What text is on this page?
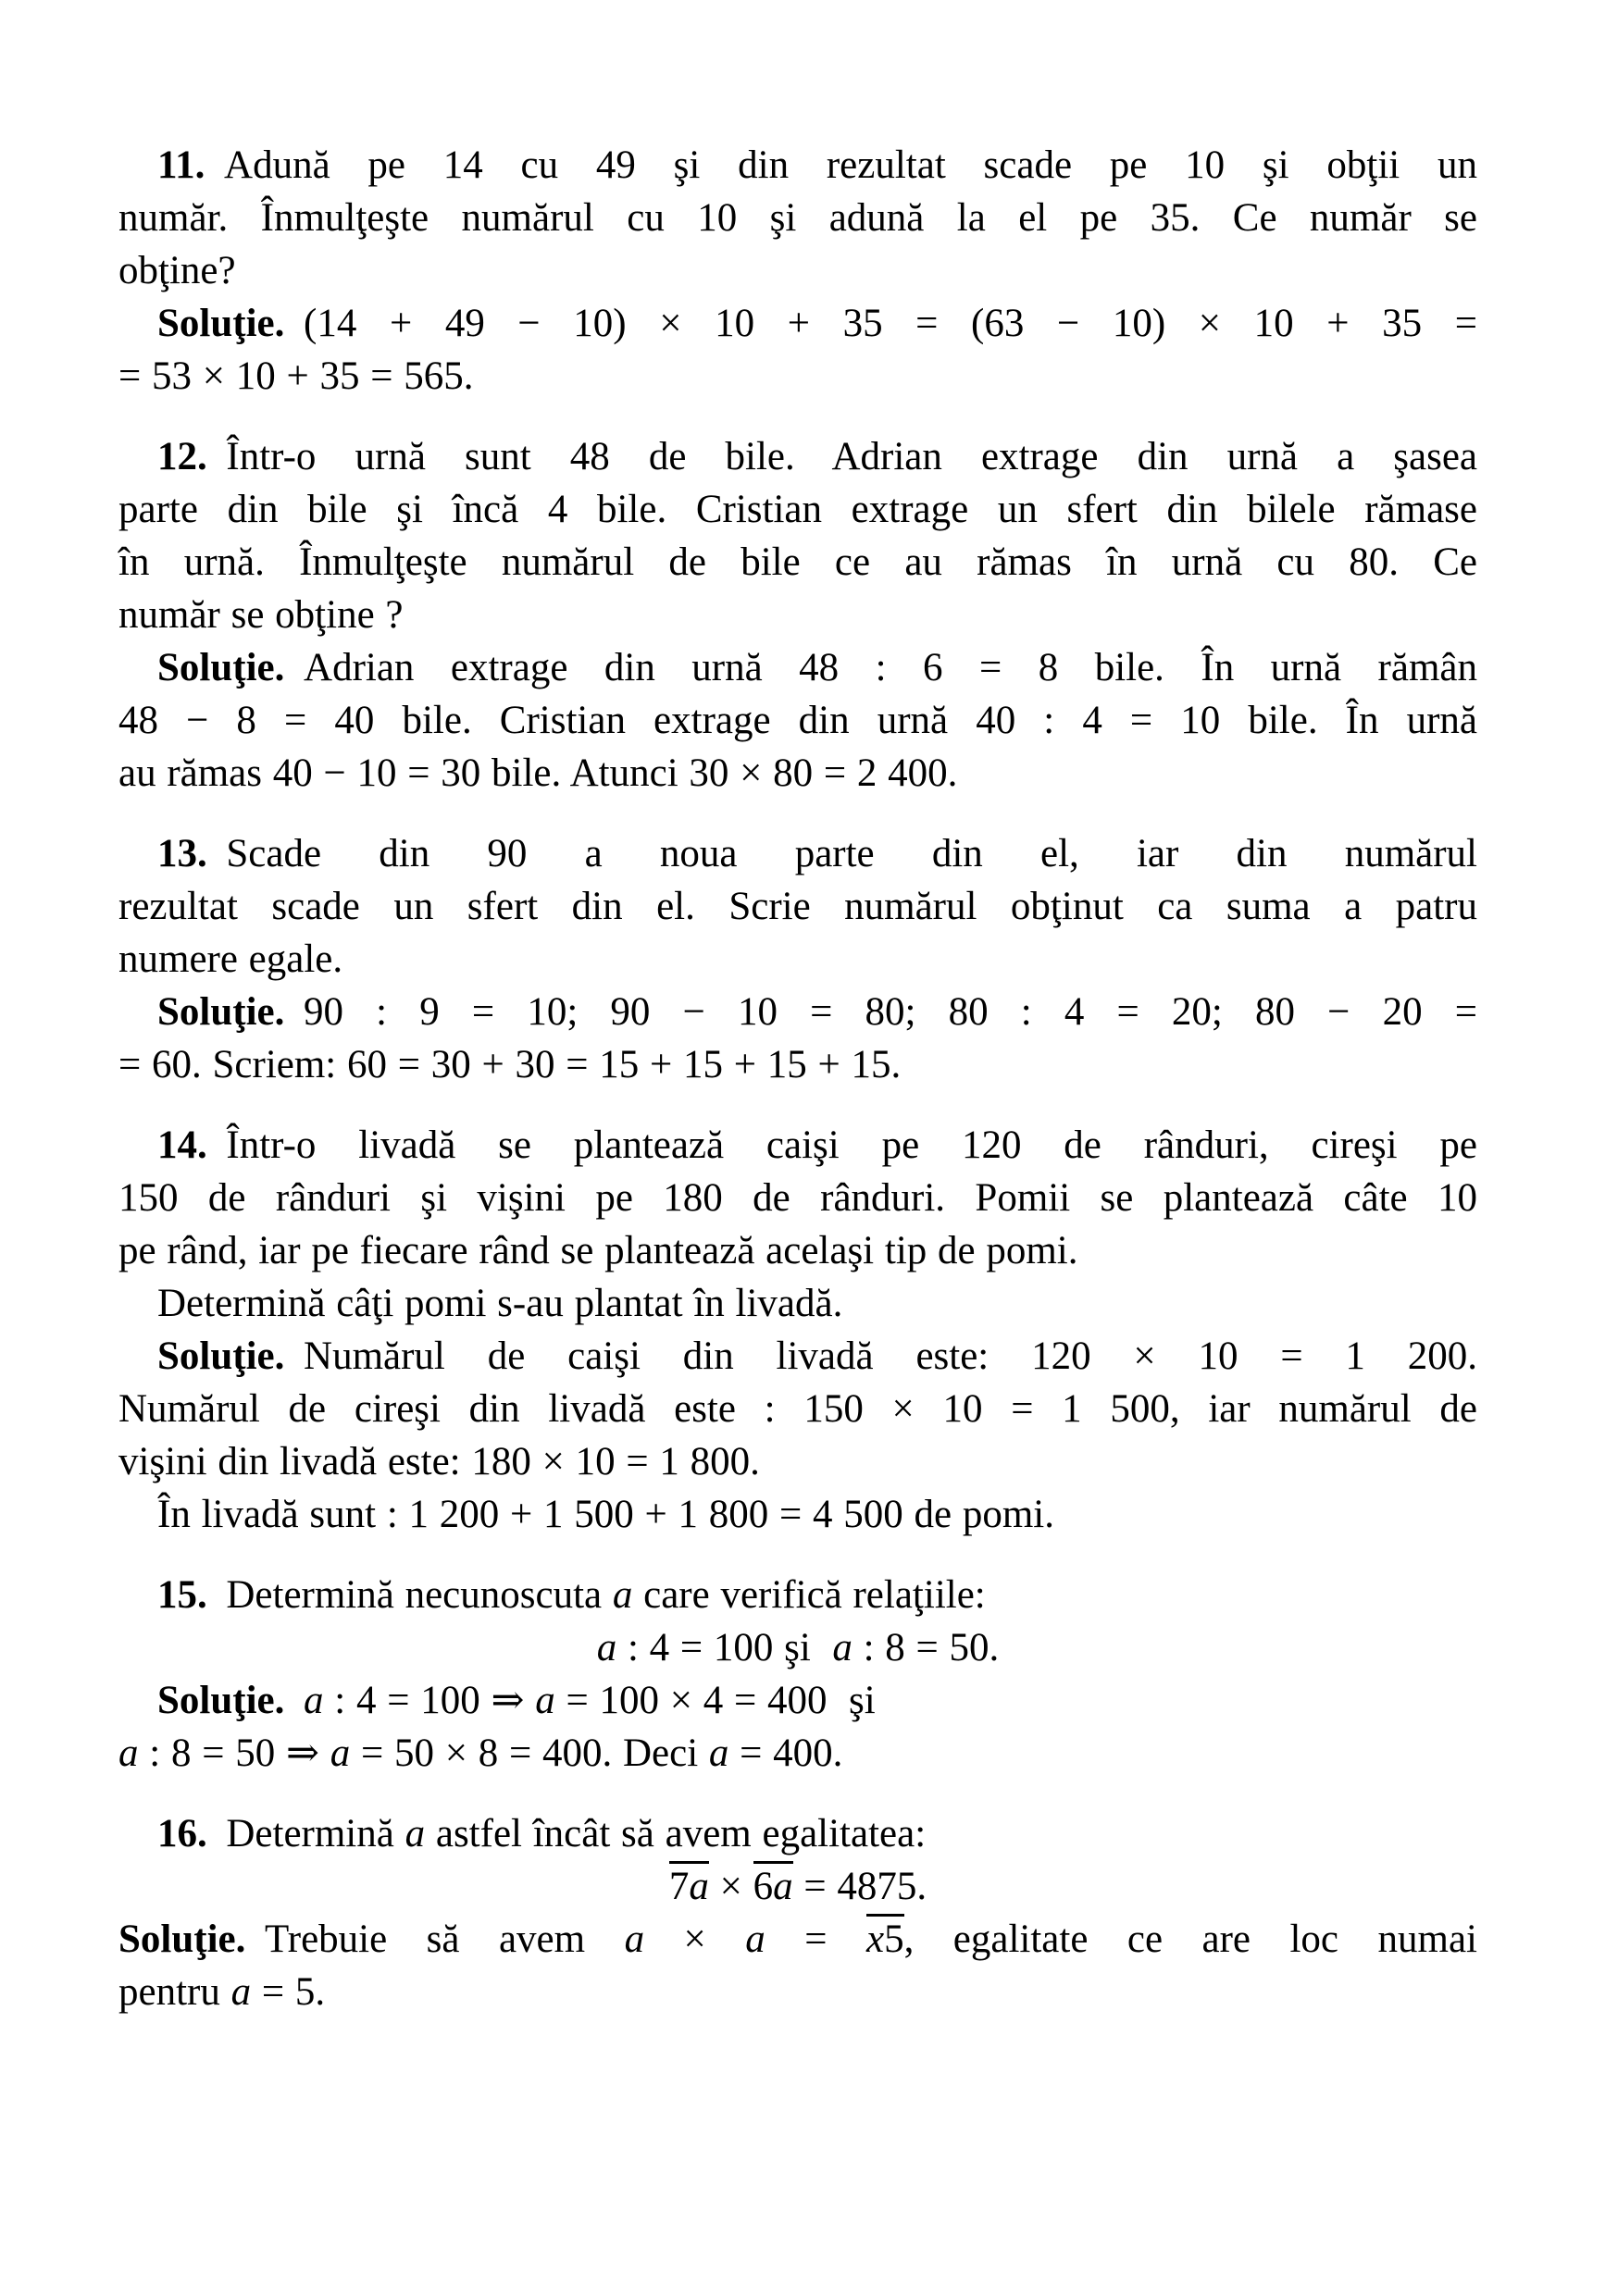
11. Adună pe 14 cu 49 şi din rezultat scade pe 10 şi obţii un
număr. Înmulţeşte numărul cu 10 şi adună la el pe 35. Ce număr se
obţine?
Soluţie. (14 + 49 − 10) × 10 + 35 = (63 − 10) × 10 + 35 =
= 53 × 10 + 35 = 565.
12. Într-o urnă sunt 48 de bile. Adrian extrage din urnă a şasea
parte din bile şi încă 4 bile. Cristian extrage un sfert din bilele rămase
în urnă. Înmulţeşte numărul de bile ce au rămas în urnă cu 80. Ce
număr se obţine ?
Soluţie. Adrian extrage din urnă 48 : 6 = 8 bile. În urnă rămân
48 − 8 = 40 bile. Cristian extrage din urnă 40 : 4 = 10 bile. În urnă
au rămas 40 − 10 = 30 bile. Atunci 30 × 80 = 2 400.
13. Scade din 90 a noua parte din el, iar din numărul
rezultat scade un sfert din el. Scrie numărul obţinut ca suma a patru
numere egale.
Soluţie. 90 : 9 = 10; 90 − 10 = 80; 80 : 4 = 20; 80 − 20 =
= 60. Scriem: 60 = 30 + 30 = 15 + 15 + 15 + 15.
14. Într-o livadă se plantează caişi pe 120 de rânduri, cireşi pe
150 de rânduri şi vişini pe 180 de rânduri. Pomii se plantează câte 10
pe rând, iar pe fiecare rând se plantează acelaşi tip de pomi.
Determină câţi pomi s-au plantat în livadă.
Soluţie. Numărul de caişi din livadă este: 120 × 10 = 1 200.
Numărul de cireşi din livadă este : 150 × 10 = 1 500, iar numărul de
vişini din livadă este: 180 × 10 = 1 800.
În livadă sunt : 1 200 + 1 500 + 1 800 = 4 500 de pomi.
15. Determină necunoscuta a care verifică relaţiile:
a : 4 = 100 şi  a : 8 = 50.
Soluţie. a : 4 = 100 ⇒ a = 100 × 4 = 400  şi
a : 8 = 50 ⇒ a = 50 × 8 = 400. Deci a = 400.
16. Determină a astfel încât să avem egalitatea:
7a × 6a = 4875.
Soluţie. Trebuie să avem a × a = x5, egalitate ce are loc numai
pentru a = 5.
